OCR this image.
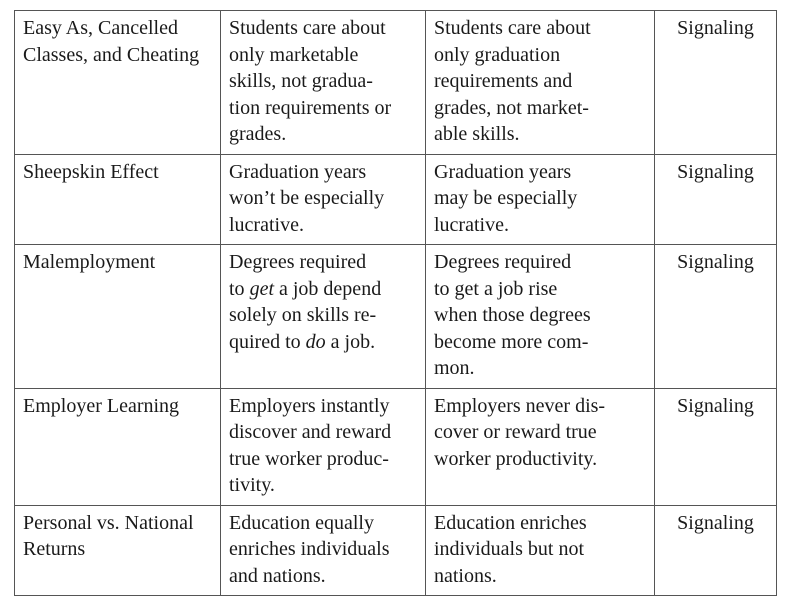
Easy As, Cancelled
Classes, and Cheating	Students care about
only marketable
skills, not gradua-
tion requirements or
grades.	Students care about
only graduation
requirements and
grades, not market-
able skills.	Signaling

Sheepskin Effect	Graduation years
won’t be especially
lucrative.	Graduation years
may be especially
lucrative.	Signaling

Malemployment	Degrees required
to get a job depend
solely on skills re-
quired to do a job.	Degrees required
to get a job rise
when those degrees
become more com-
mon.	Signaling

Employer Learning	Employers instantly
discover and reward
true worker produc-
tivity.	Employers never dis-
cover or reward true
worker productivity.	Signaling

Personal vs. National
Returns	Education equally
enriches individuals
and nations.	Education enriches
individuals but not
nations.	Signaling
